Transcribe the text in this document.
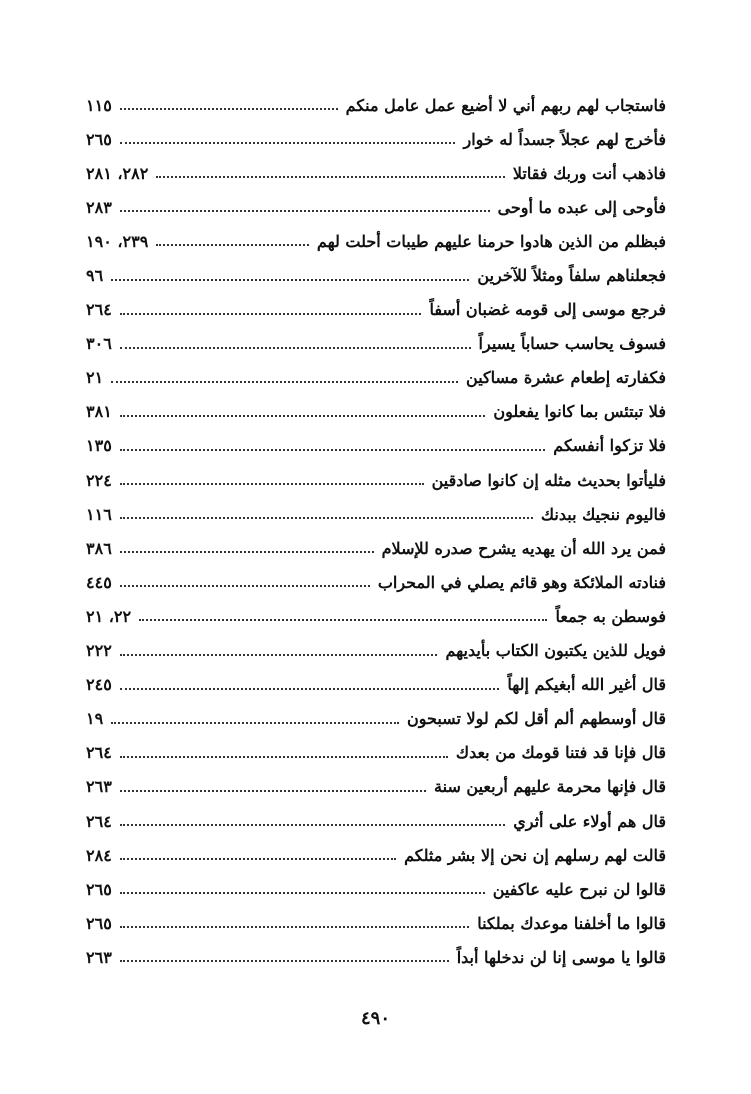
فاستجاب لهم ربهم أني لا أضيع عمل عامل منكم
١١٥
فأخرج لهم عجلاً جسداً له خوار
٢٦٥
فاذهب أنت وربك فقاتلا
٢٨٢، ٢٨١
فأوحى إلى عبده ما أوحى
٢٨٣
فبظلم من الذين هادوا حرمنا عليهم طيبات أحلت لهم
٢٣٩، ١٩٠
فجعلناهم سلفاً ومثلاً للآخرين
٩٦
فرجع موسى إلى قومه غضبان أسفاً
٢٦٤
فسوف يحاسب حساباً يسيراً
٣٠٦
فكفارته إطعام عشرة مساكين
٢١
فلا تبتئس بما كانوا يفعلون
٣٨١
فلا تزكوا أنفسكم
١٣٥
فليأتوا بحديث مثله إن كانوا صادقين
٢٢٤
فاليوم ننجيك ببدنك
١١٦
فمن يرد الله أن يهديه يشرح صدره للإسلام
٣٨٦
فنادته الملائكة وهو قائم يصلي في المحراب
٤٤٥
فوسطن به جمعاً
٢٢، ٢١
فويل للذين يكتبون الكتاب بأيديهم
٢٢٢
قال أغير الله أبغيكم إلهاً
٢٤٥
قال أوسطهم ألم أقل لكم لولا تسبحون
١٩
قال فإنا قد فتنا قومك من بعدك
٢٦٤
قال فإنها محرمة عليهم أربعين سنة
٢٦٣
قال هم أولاء على أثري
٢٦٤
قالت لهم رسلهم إن نحن إلا بشر مثلكم
٢٨٤
قالوا لن نبرح عليه عاكفين
٢٦٥
قالوا ما أخلفنا موعدك بملكنا
٢٦٥
قالوا يا موسى إنا لن ندخلها أبداً
٢٦٣
٤٩٠
